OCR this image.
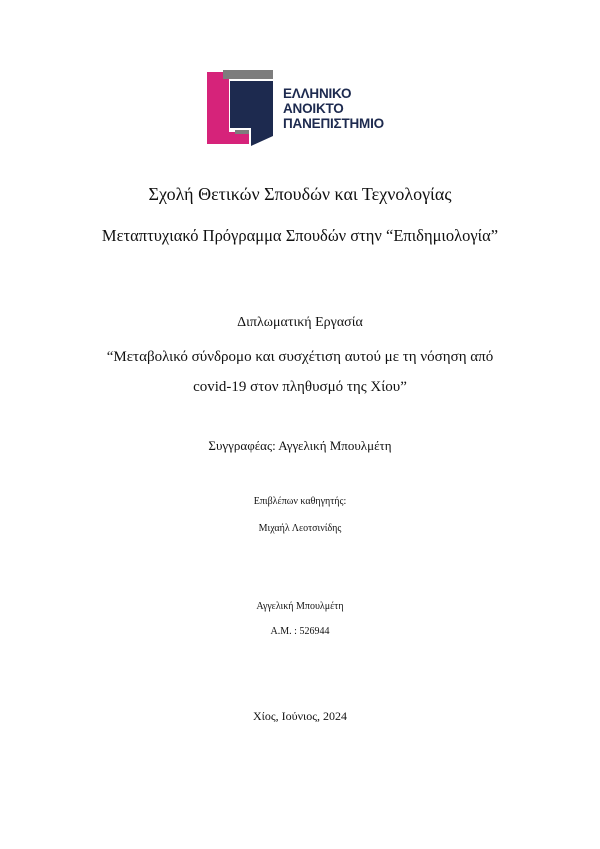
ΕΛΛΗΝΙΚΟ
ΑΝΟΙΚΤΟ
ΠΑΝΕΠΙΣΤΗΜΙΟ
Σχολή Θετικών Σπουδών και Τεχνολογίας
Μεταπτυχιακό Πρόγραμμα Σπουδών στην “Επιδημιολογία”
Διπλωματική Εργασία
“Μεταβολικό σύνδρομο και συσχέτιση αυτού με τη νόσηση από
covid-19 στον πληθυσμό της Χίου”
Συγγραφέας: Αγγελική Μπουλμέτη
Επιβλέπων καθηγητής:
Μιχαήλ Λεοτσινίδης
Αγγελική Μπουλμέτη
Α.Μ. : 526944
Χίος, Ιούνιος, 2024
